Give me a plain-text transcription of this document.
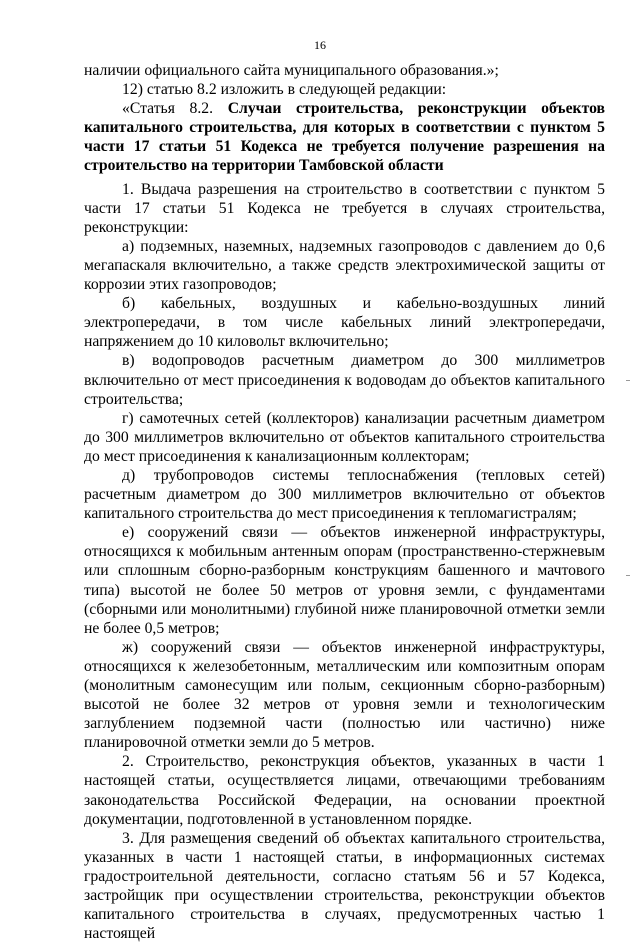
16

наличии официального сайта муниципального образования.»;

12) статью 8.2 изложить в следующей редакции:

«Статья 8.2. Случаи строительства, реконструкции объектов капитального строительства, для которых в соответствии с пунктом 5 части 17 статьи 51 Кодекса не требуется получение разрешения на строительство на территории Тамбовской области

1. Выдача разрешения на строительство в соответствии с пунктом 5 части 17 статьи 51 Кодекса не требуется в случаях строительства, реконструкции:

а) подземных, наземных, надземных газопроводов с давлением до 0,6 мегапаскаля включительно, а также средств электрохимической защиты от коррозии этих газопроводов;

б) кабельных, воздушных и кабельно-воздушных линий электропередачи, в том числе кабельных линий электропередачи, напряжением до 10 киловольт включительно;

в) водопроводов расчетным диаметром до 300 миллиметров включительно от мест присоединения к водоводам до объектов капитального строительства;

г) самотечных сетей (коллекторов) канализации расчетным диаметром до 300 миллиметров включительно от объектов капитального строительства до мест присоединения к канализационным коллекторам;

д) трубопроводов системы теплоснабжения (тепловых сетей) расчетным диаметром до 300 миллиметров включительно от объектов капитального строительства до мест присоединения к тепломагистралям;

е) сооружений связи — объектов инженерной инфраструктуры, относящихся к мобильным антенным опорам (пространственно-стержневым или сплошным сборно-разборным конструкциям башенного и мачтового типа) высотой не более 50 метров от уровня земли, с фундаментами (сборными или монолитными) глубиной ниже планировочной отметки земли не более 0,5 метров;

ж) сооружений связи — объектов инженерной инфраструктуры, относящихся к железобетонным, металлическим или композитным опорам (монолитным самонесущим или полым, секционным сборно-разборным) высотой не более 32 метров от уровня земли и технологическим заглублением подземной части (полностью или частично) ниже планировочной отметки земли до 5 метров.

2. Строительство, реконструкция объектов, указанных в части 1 настоящей статьи, осуществляется лицами, отвечающими требованиям законодательства Российской Федерации, на основании проектной документации, подготовленной в установленном порядке.

3. Для размещения сведений об объектах капитального строительства, указанных в части 1 настоящей статьи, в информационных системах градостроительной деятельности, согласно статьям 56 и 57 Кодекса, застройщик при осуществлении строительства, реконструкции объектов капитального строительства в случаях, предусмотренных частью 1 настоящей
